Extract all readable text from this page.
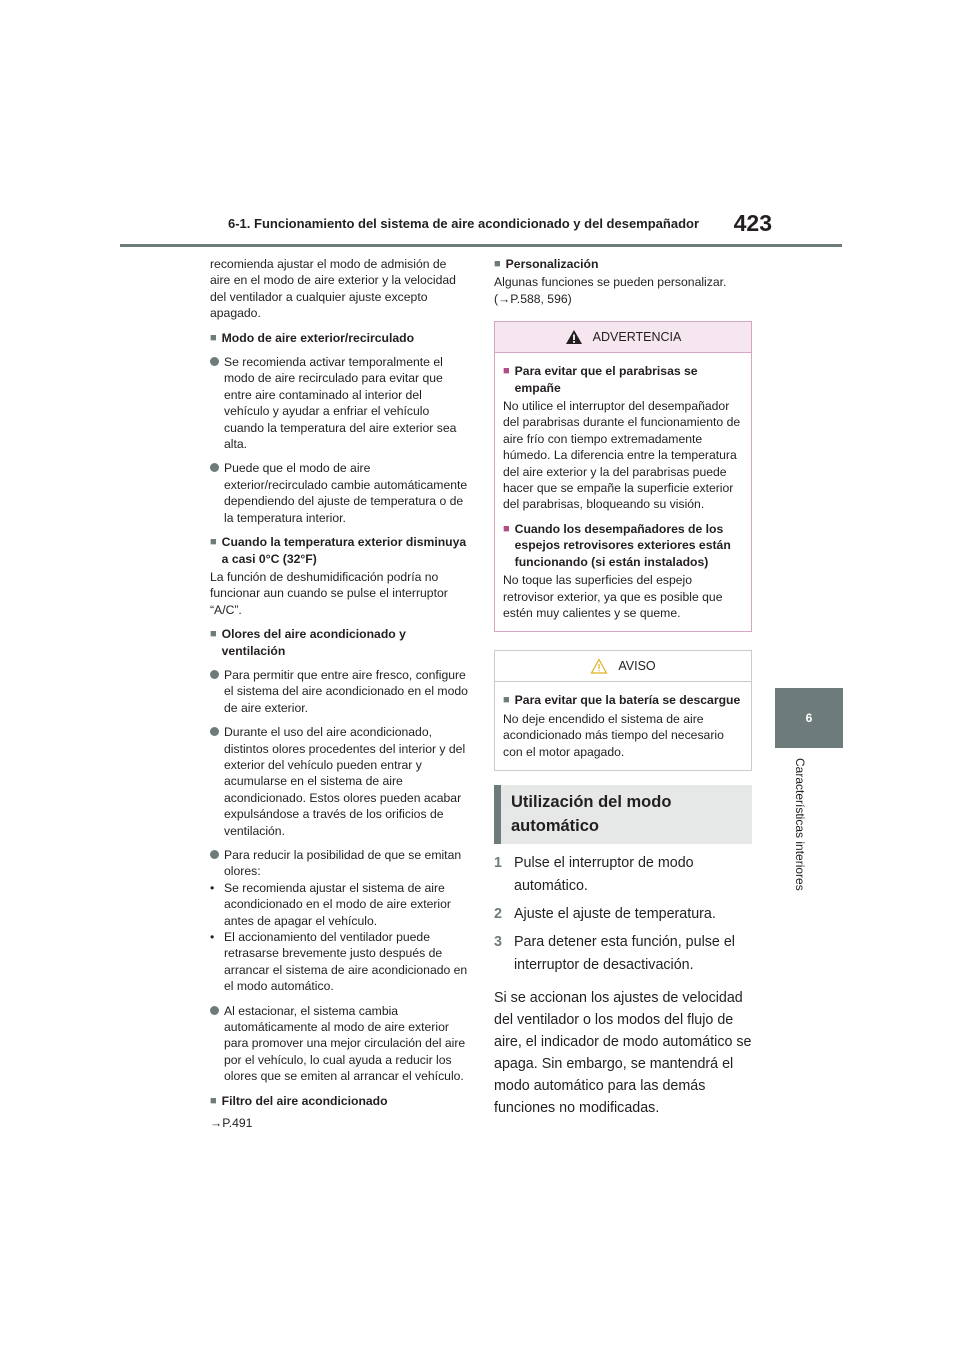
6-1. Funcionamiento del sistema de aire acondicionado y del desempañador	423
6
Características interiores

recomienda ajustar el modo de admisión de aire en el modo de aire exterior y la velocidad del ventilador a cualquier ajuste excepto apagado.

■ Modo de aire exterior/recirculado
Se recomienda activar temporalmente el modo de aire recirculado para evitar que entre aire contaminado al interior del vehículo y ayudar a enfriar el vehículo cuando la temperatura del aire exterior sea alta.
Puede que el modo de aire exterior/recirculado cambie automáticamente dependiendo del ajuste de temperatura o de la temperatura interior.
■ Cuando la temperatura exterior disminuya a casi 0°C (32°F)

La función de deshumidificación podría no funcionar aun cuando se pulse el interruptor “A/C”.

■ Olores del aire acondicionado y ventilación
Para permitir que entre aire fresco, configure el sistema del aire acondicionado en el modo de aire exterior.
Durante el uso del aire acondicionado, distintos olores procedentes del interior y del exterior del vehículo pueden entrar y acumularse en el sistema de aire acondicionado. Estos olores pueden acabar expulsándose a través de los orificios de ventilación.
Para reducir la posibilidad de que se emitan olores:
• Se recomienda ajustar el sistema de aire acondicionado en el modo de aire exterior antes de apagar el vehículo.
• El accionamiento del ventilador puede retrasarse brevemente justo después de arrancar el sistema de aire acondicionado en el modo automático.
Al estacionar, el sistema cambia automáticamente al modo de aire exterior para promover una mejor circulación del aire por el vehículo, lo cual ayuda a reducir los olores que se emiten al arrancar el vehículo.
■ Filtro del aire acondicionado

→P.491

■ Personalización

Algunas funciones se pueden personalizar. (→P.588, 596)

ADVERTENCIA
■ Para evitar que el parabrisas se empañe

No utilice el interruptor del desempañador del parabrisas durante el funcionamiento de aire frío con tiempo extremadamente húmedo. La diferencia entre la temperatura del aire exterior y la del parabrisas puede hacer que se empañe la superficie exterior del parabrisas, bloqueando su visión.

■ Cuando los desempañadores de los espejos retrovisores exteriores están funcionando (si están instalados)

No toque las superficies del espejo retrovisor exterior, ya que es posible que estén muy calientes y se queme.

AVISO
■ Para evitar que la batería se descargue

No deje encendido el sistema de aire acondicionado más tiempo del necesario con el motor apagado.

Utilización del modo automático
1 Pulse el interruptor de modo automático.
2 Ajuste el ajuste de temperatura.
3 Para detener esta función, pulse el interruptor de desactivación.

Si se accionan los ajustes de velocidad del ventilador o los modos del flujo de aire, el indicador de modo automático se apaga. Sin embargo, se mantendrá el modo automático para las demás funciones no modificadas.
